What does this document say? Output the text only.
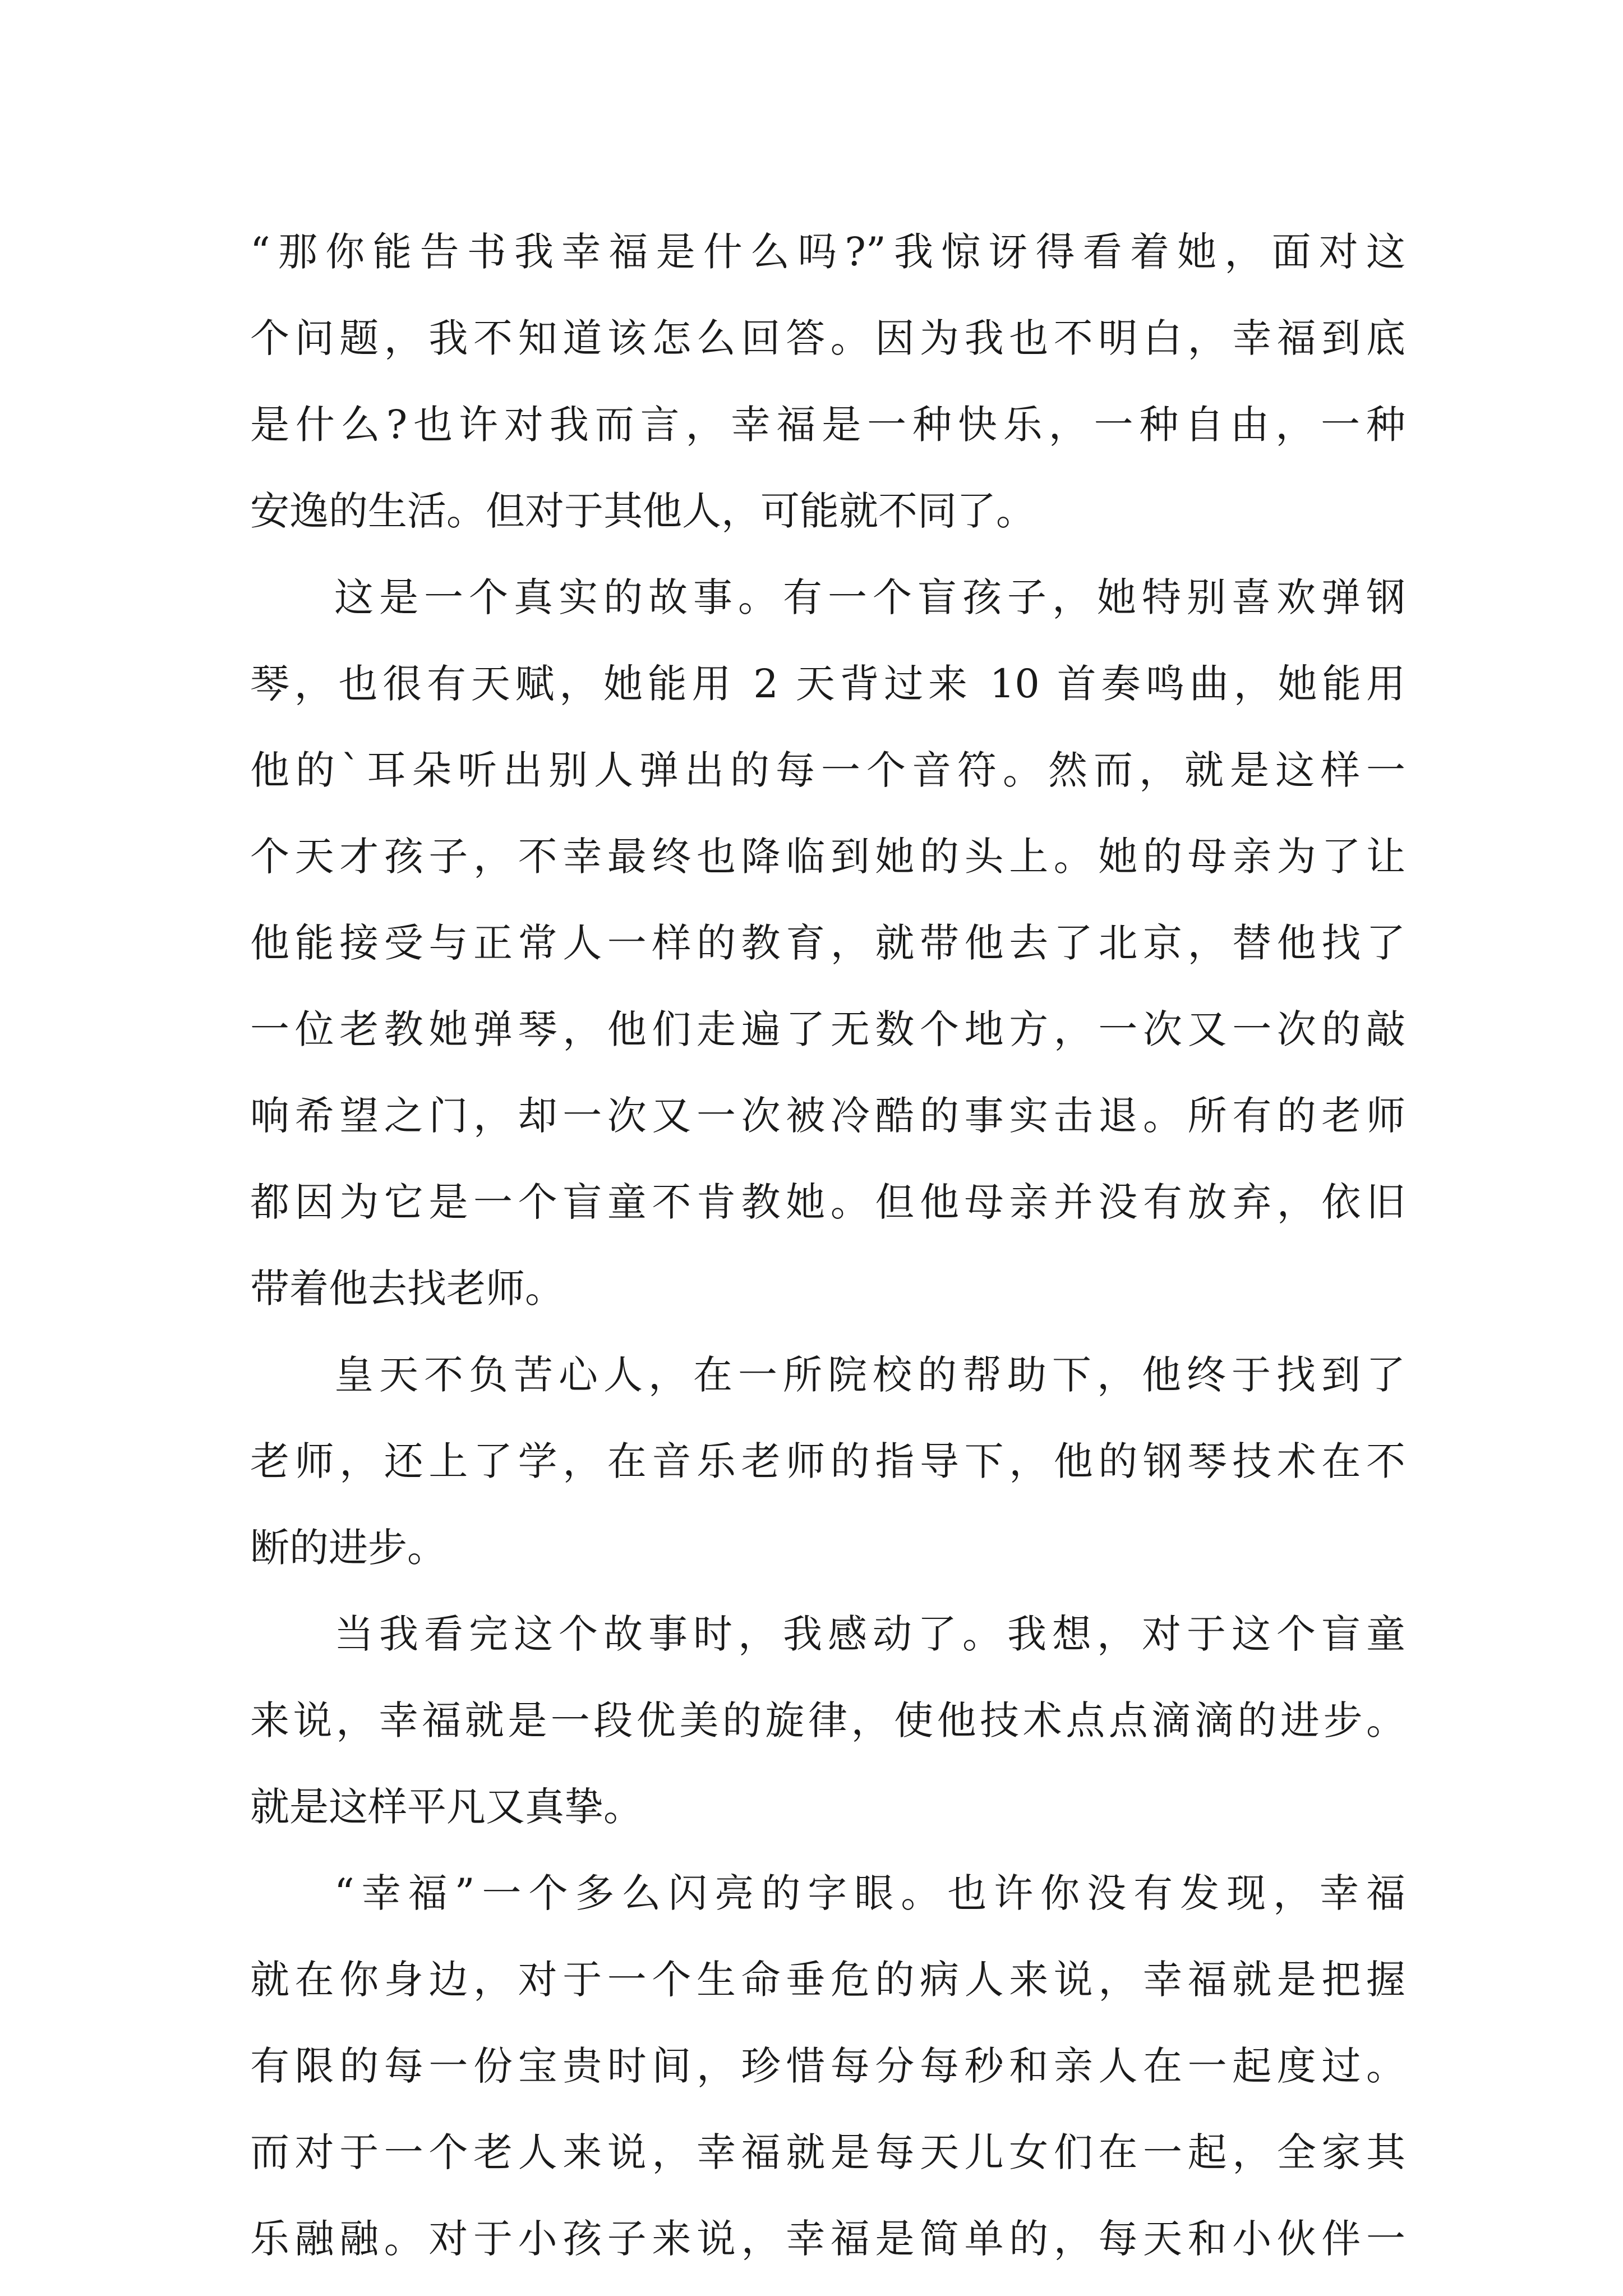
“那你能告书我幸福是什么吗?”我惊讶得看着她，面对这
个问题，我不知道该怎么回答。因为我也不明白，幸福到底
是什么?也许对我而言，幸福是一种快乐，一种自由，一种
安逸的生活。但对于其他人，可能就不同了。
这是一个真实的故事。有一个盲孩子，她特别喜欢弹钢
琴，也很有天赋，她能用 2 天背过来 10 首奏鸣曲，她能用
他的`耳朵听出别人弹出的每一个音符。然而，就是这样一
个天才孩子，不幸最终也降临到她的头上。她的母亲为了让
他能接受与正常人一样的教育，就带他去了北京，替他找了
一位老教她弹琴，他们走遍了无数个地方，一次又一次的敲
响希望之门，却一次又一次被冷酷的事实击退。所有的老师
都因为它是一个盲童不肯教她。但他母亲并没有放弃，依旧
带着他去找老师。
皇天不负苦心人，在一所院校的帮助下，他终于找到了
老师，还上了学，在音乐老师的指导下，他的钢琴技术在不
断的进步。
当我看完这个故事时，我感动了。我想，对于这个盲童
来说，幸福就是一段优美的旋律，使他技术点点滴滴的进步。
就是这样平凡又真挚。
“幸福”一个多么闪亮的字眼。也许你没有发现，幸福
就在你身边，对于一个生命垂危的病人来说，幸福就是把握
有限的每一份宝贵时间，珍惜每分每秒和亲人在一起度过。
而对于一个老人来说，幸福就是每天儿女们在一起，全家其
乐融融。对于小孩子来说，幸福是简单的，每天和小伙伴一
